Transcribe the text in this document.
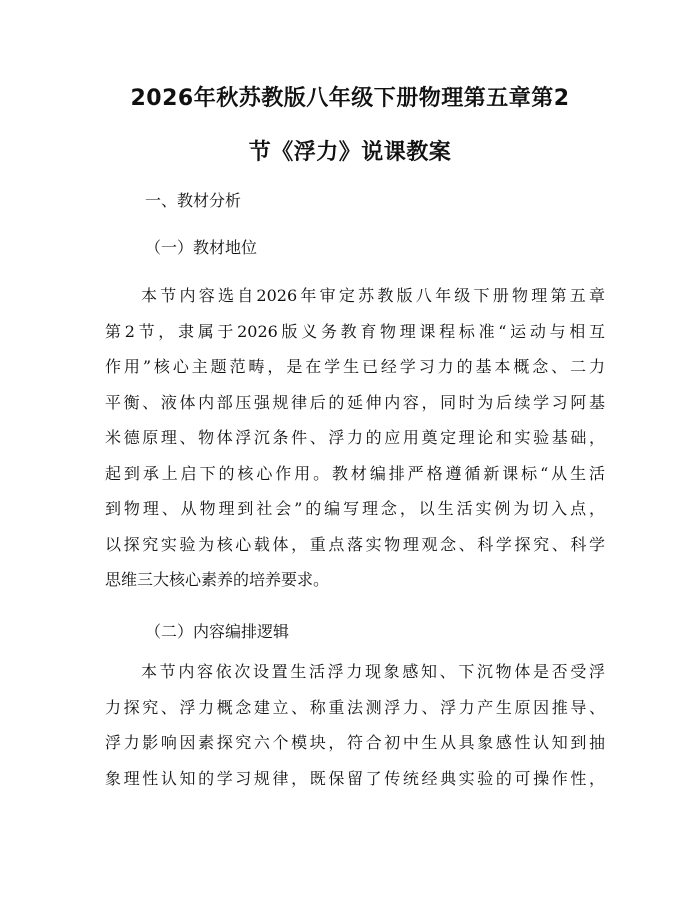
2026年秋苏教版八年级下册物理第五章第2
节《浮力》说课教案

一、教材分析

（一）教材地位

本节内容选自2026年审定苏教版八年级下册物理第五章
第2节，隶属于2026版义务教育物理课程标准“运动与相互
作用”核心主题范畴，是在学生已经学习力的基本概念、二力
平衡、液体内部压强规律后的延伸内容，同时为后续学习阿基
米德原理、物体浮沉条件、浮力的应用奠定理论和实验基础，
起到承上启下的核心作用。教材编排严格遵循新课标“从生活
到物理、从物理到社会”的编写理念，以生活实例为切入点，
以探究实验为核心载体，重点落实物理观念、科学探究、科学
思维三大核心素养的培养要求。

（二）内容编排逻辑

本节内容依次设置生活浮力现象感知、下沉物体是否受浮
力探究、浮力概念建立、称重法测浮力、浮力产生原因推导、
浮力影响因素探究六个模块，符合初中生从具象感性认知到抽
象理性认知的学习规律，既保留了传统经典实验的可操作性，
